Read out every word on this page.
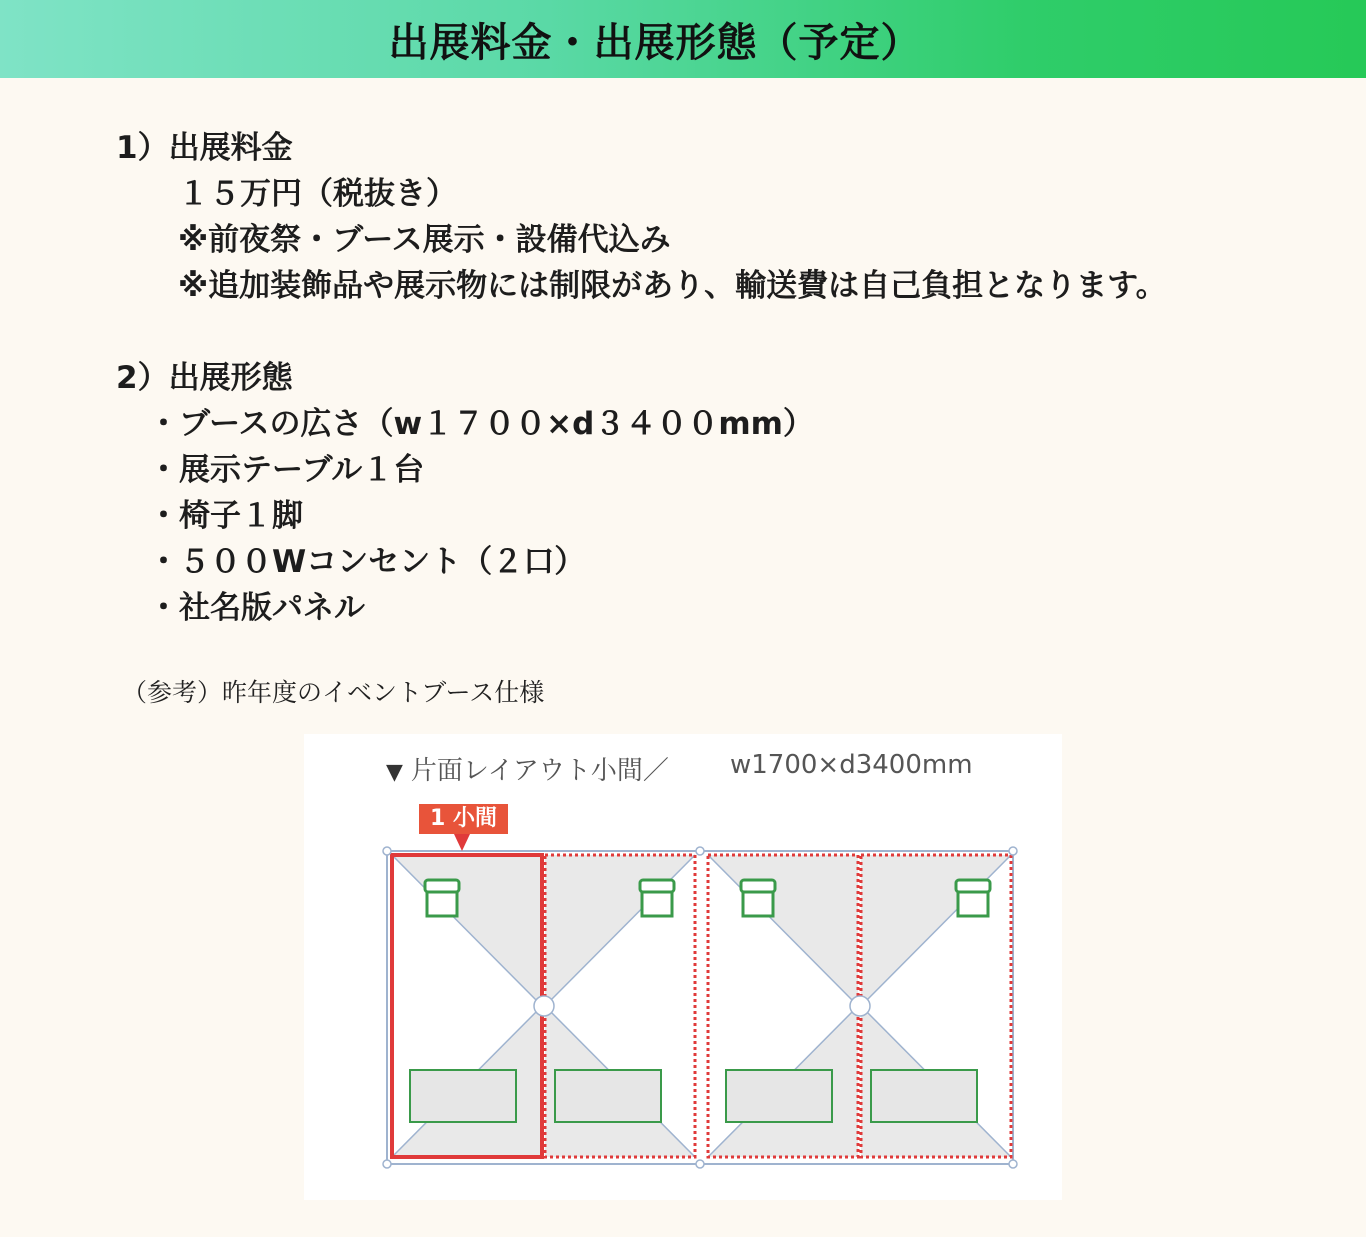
出展料金・出展形態（予定）
1）出展料金
１５万円（税抜き）
※前夜祭・ブース展示・設備代込み
※追加装飾品や展示物には制限があり、輸送費は自己負担となります。
2）出展形態
・ブースの広さ（w１７００×d３４００mm）
・展示テーブル１台
・椅子１脚
・５００Wコンセント（２口）
・社名版パネル
（参考）昨年度のイベントブース仕様
▼ 片面レイアウト小間／ w1700×d3400mm
1 小間
